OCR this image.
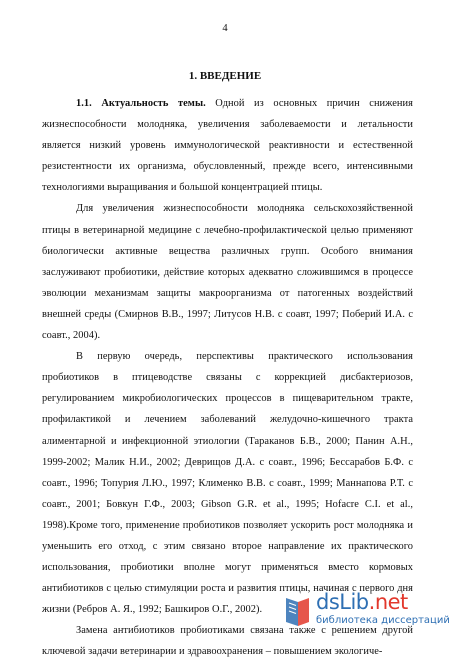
4
1. ВВЕДЕНИЕ

1.1. Актуальность темы. Одной из основных причин снижения жизнеспособности молодняка, увеличения заболеваемости и летальности является низкий уровень иммунологической реактивности и естественной резистентности их организма, обусловленный, прежде всего, интенсивными технологиями выращивания и большой концентрацией птицы.

Для увеличения жизнеспособности молодняка сельскохозяйственной птицы в ветеринарной медицине с лечебно-профилактической целью применяют биологически активные вещества различных групп. Особого внимания заслуживают пробиотики, действие которых адекватно сложившимся в процессе эволюции механизмам защиты макроорганизма от патогенных воздействий внешней среды (Смирнов В.В., 1997; Литусов Н.В. с соавт, 1997; Поберий И.А. с соавт., 2004).

В первую очередь, перспективы практического использования пробиотиков в птицеводстве связаны с коррекцией дисбактериозов, регулированием микробиологических процессов в пищеварительном тракте, профилактикой и лечением заболеваний желудочно-кишечного тракта алиментарной и инфекционной этиологии (Тараканов Б.В., 2000; Панин А.Н., 1999-2002; Малик Н.И., 2002; Деврищов Д.А. с соавт., 1996; Бессарабов Б.Ф. с соавт., 1996; Топурия Л.Ю., 1997; Клименко В.В. с соавт., 1999; Маннапова Р.Т. с соавт., 2001; Бовкун Г.Ф., 2003; Gibson G.R. et al., 1995; Hofacre C.I. et al., 1998).Кроме того, применение пробиотиков позволяет ускорить рост молодняка и уменьшить его отход, с этим связано второе направление их практического использования, пробиотики вполне могут применяться вместо кормовых антибиотиков с целью стимуляции роста и развития птицы, начиная с первого дня жизни (Ребров А. Я., 1992; Башкиров О.Г., 2002).

Замена антибиотиков пробиотиками связана также с решением другой ключевой задачи ветеринарии и здравоохранения – повышением экологиче-

dsLib.net
библиотека диссертаций
